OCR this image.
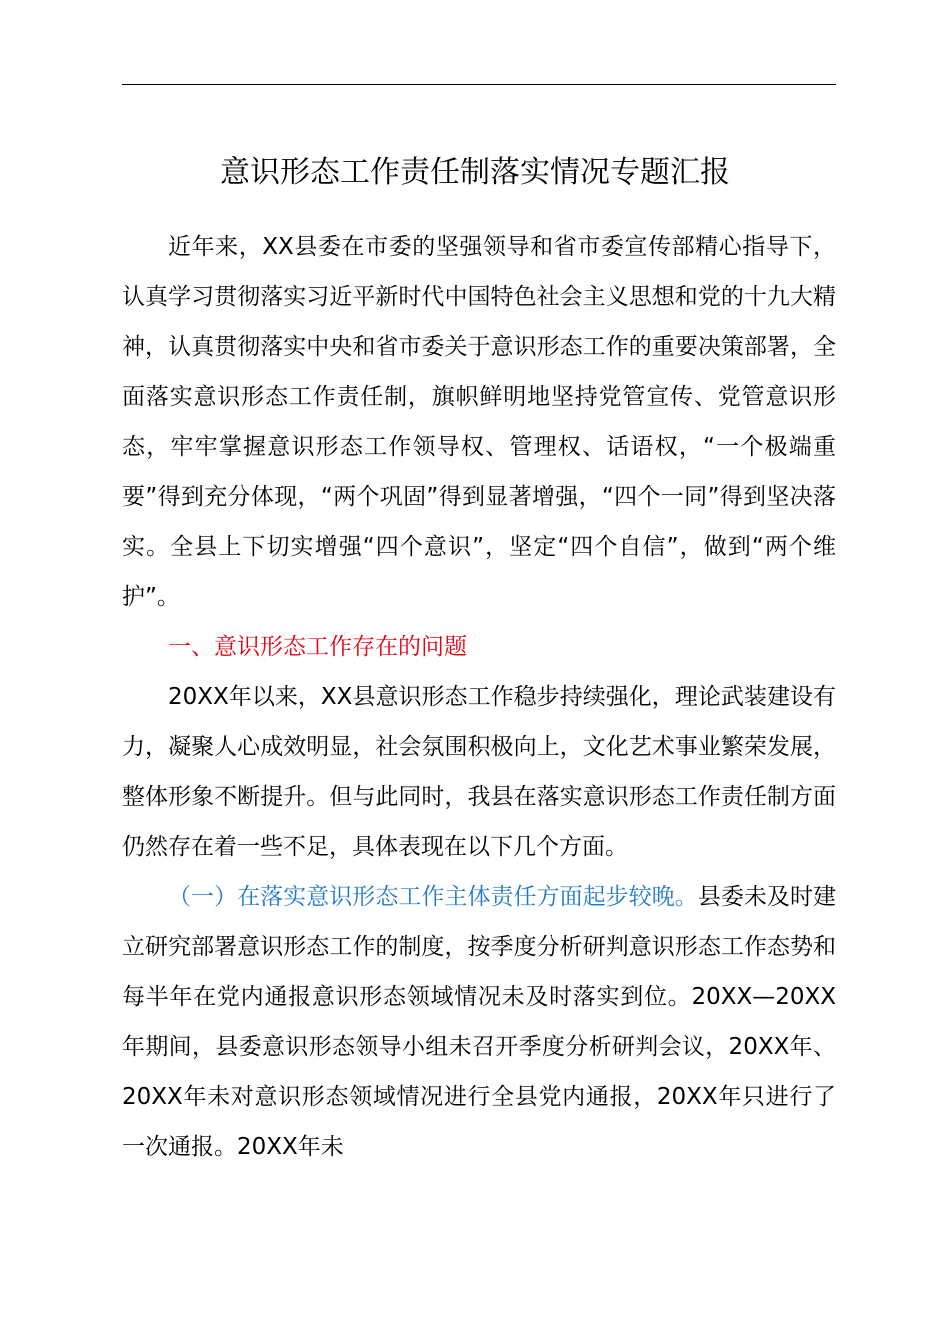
意识形态工作责任制落实情况专题汇报

近年来，XX县委在市委的坚强领导和省市委宣传部精心指导下，认真学习贯彻落实习近平新时代中国特色社会主义思想和党的十九大精神，认真贯彻落实中央和省市委关于意识形态工作的重要决策部署，全面落实意识形态工作责任制，旗帜鲜明地坚持党管宣传、党管意识形态，牢牢掌握意识形态工作领导权、管理权、话语权，“一个极端重要”得到充分体现，“两个巩固”得到显著增强，“四个一同”得到坚决落实。全县上下切实增强“四个意识”，坚定“四个自信”，做到“两个维护”。

一、意识形态工作存在的问题

20XX年以来，XX县意识形态工作稳步持续强化，理论武装建设有力，凝聚人心成效明显，社会氛围积极向上，文化艺术事业繁荣发展，整体形象不断提升。但与此同时，我县在落实意识形态工作责任制方面仍然存在着一些不足，具体表现在以下几个方面。

（一）在落实意识形态工作主体责任方面起步较晚。县委未及时建立研究部署意识形态工作的制度，按季度分析研判意识形态工作态势和每半年在党内通报意识形态领域情况未及时落实到位。20XX—20XX年期间，县委意识形态领导小组未召开季度分析研判会议，20XX年、20XX年未对意识形态领域情况进行全县党内通报，20XX年只进行了一次通报。20XX年未
